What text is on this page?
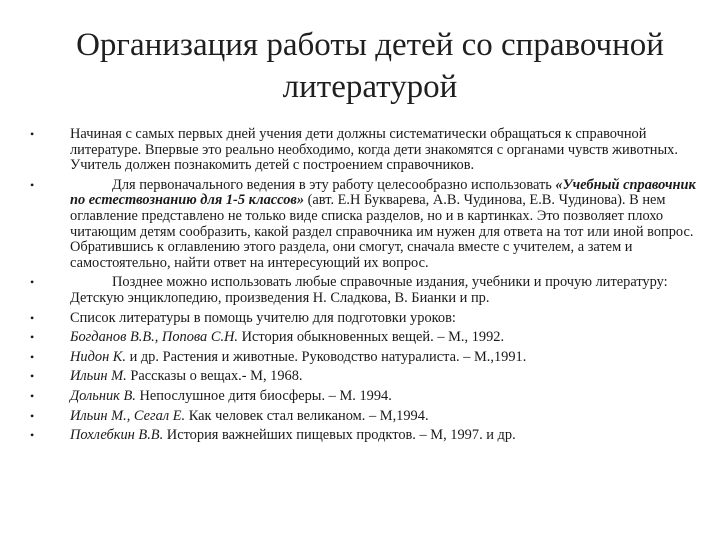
Организация работы детей со справочной
литературой
•	Начиная с самых первых дней учения дети должны систематически обращаться к справочной литературе. Впервые это реально необходимо, когда дети знакомятся с органами чувств животных. Учитель должен познакомить детей с построением справочников.
•	Для первоначального ведения в эту работу целесообразно использовать «Учебный справочник по естествознанию для 1-5 классов» (авт. Е.Н Букварева, А.В. Чудинова, Е.В. Чудинова). В нем оглавление представлено не только виде списка разделов, но и в картинках. Это позволяет плохо читающим детям сообразить, какой раздел справочника им нужен для ответа на тот или иной вопрос. Обратившись к оглавлению этого раздела, они смогут, сначала вместе с учителем, а затем и самостоятельно, найти ответ на интересующий их вопрос.
•	Позднее можно использовать любые справочные издания, учебники и прочую литературу: Детскую энциклопедию, произведения Н. Сладкова, В. Бианки и пр.
•	Список литературы в помощь учителю для подготовки уроков:
•	Богданов В.В., Попова С.Н. История обыкновенных вещей. – М., 1992.
•	Нидон К. и др. Растения и животные. Руководство натуралиста. – М.,1991.
•	Ильин М. Рассказы о вещах.- М, 1968.
•	Дольник В. Непослушное дитя биосферы. – М. 1994.
•	Ильин М., Сегал Е. Как человек стал великаном. – М,1994.
•	Похлебкин В.В. История важнейших пищевых продктов. – М, 1997. и др.
